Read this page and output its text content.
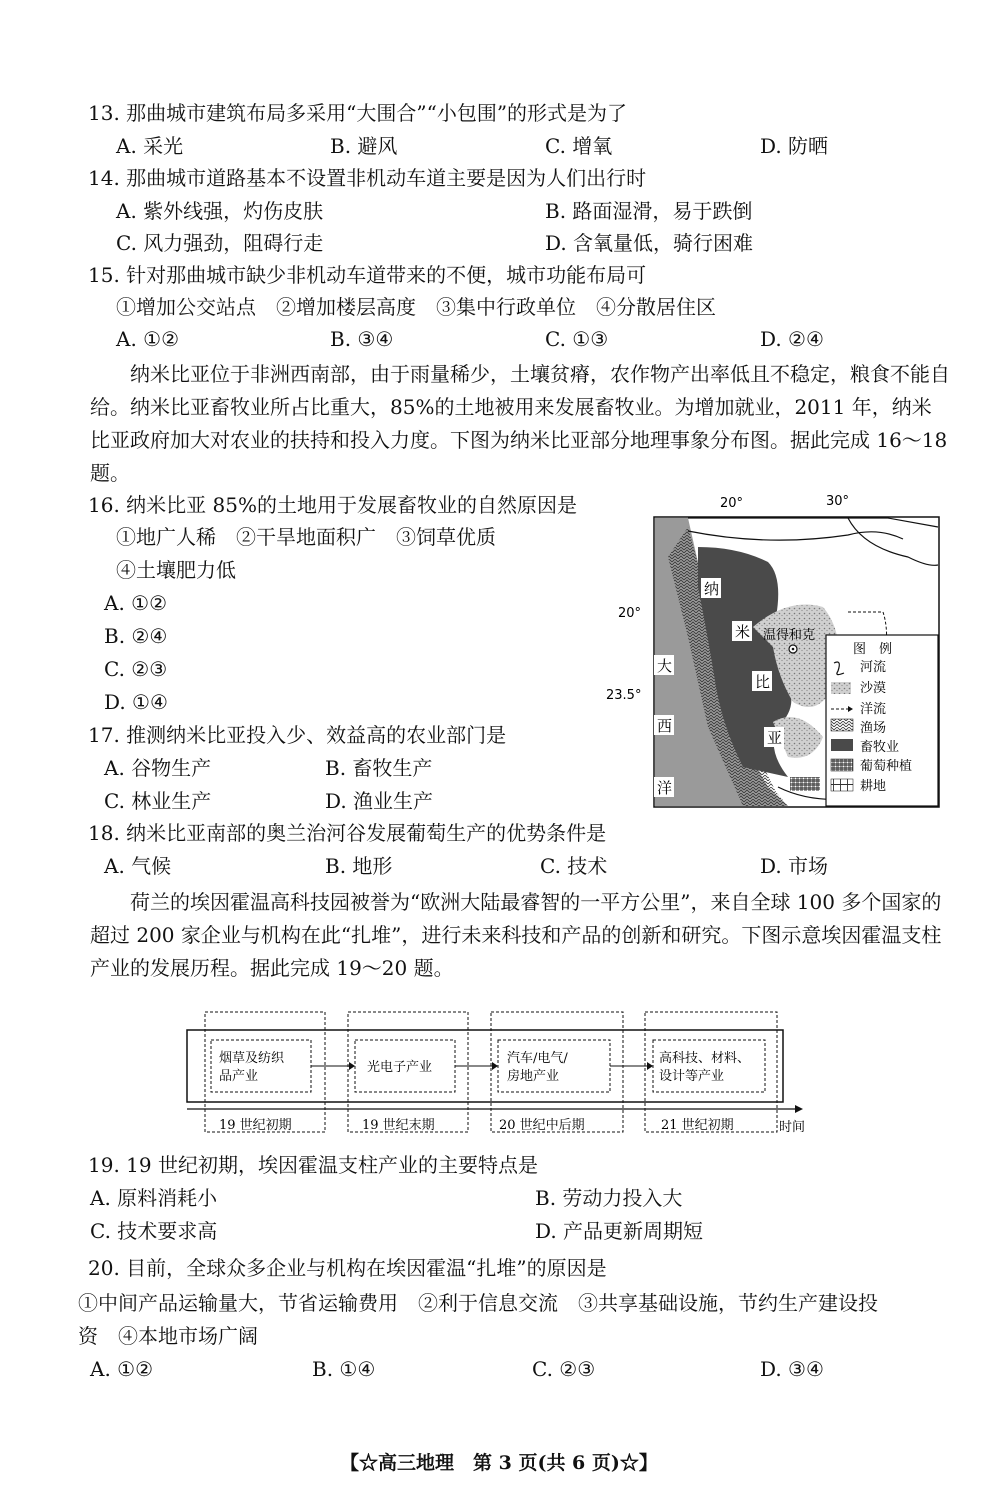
13. 那曲城市建筑布局多采用“大围合”“小包围”的形式是为了
A. 采光	B. 避风	C. 增氧	D. 防晒
14. 那曲城市道路基本不设置非机动车道主要是因为人们出行时
A. 紫外线强，灼伤皮肤	B. 路面湿滑，易于跌倒
C. 风力强劲，阻碍行走	D. 含氧量低，骑行困难
15. 针对那曲城市缺少非机动车道带来的不便，城市功能布局可
①增加公交站点　②增加楼层高度　③集中行政单位　④分散居住区
A. ①②	B. ③④	C. ①③	D. ②④
纳米比亚位于非洲西南部，由于雨量稀少，土壤贫瘠，农作物产出率低且不稳定，粮食不能自给。纳米比亚畜牧业所占比重大，85%的土地被用来发展畜牧业。为增加就业，2011 年，纳米比亚政府加大对农业的扶持和投入力度。下图为纳米比亚部分地理事象分布图。据此完成 16～18 题。
16. 纳米比亚 85%的土地用于发展畜牧业的自然原因是
①地广人稀　②干旱地面积广　③饲草优质
④土壤肥力低
A. ①②
B. ②④
C. ②③
D. ①④
20°	30°
20°
23.5°
纳
米
比
亚
大
西
洋
温得和克
图　例
河流
沙漠
洋流
渔场
畜牧业
葡萄种植
耕地
17. 推测纳米比亚投入少、效益高的农业部门是
A. 谷物生产	B. 畜牧生产
C. 林业生产	D. 渔业生产
18. 纳米比亚南部的奥兰治河谷发展葡萄生产的优势条件是
A. 气候	B. 地形	C. 技术	D. 市场
荷兰的埃因霍温高科技园被誉为“欧洲大陆最睿智的一平方公里”，来自全球 100 多个国家的超过 200 家企业与机构在此“扎堆”，进行未来科技和产品的创新和研究。下图示意埃因霍温支柱产业的发展历程。据此完成 19～20 题。
烟草及纺织
品产业
光电子产业
汽车/电气/
房地产业
高科技、材料、
设计等产业
19 世纪初期	19 世纪末期	20 世纪中后期	21 世纪初期	时间
19. 19 世纪初期，埃因霍温支柱产业的主要特点是
A. 原料消耗小	B. 劳动力投入大
C. 技术要求高	D. 产品更新周期短
20. 目前，全球众多企业与机构在埃因霍温“扎堆”的原因是
①中间产品运输量大，节省运输费用　②利于信息交流　③共享基础设施，节约生产建设投
资　④本地市场广阔
A. ①②	B. ①④	C. ②③	D. ③④
【☆高三地理　第 3 页(共 6 页)☆】
